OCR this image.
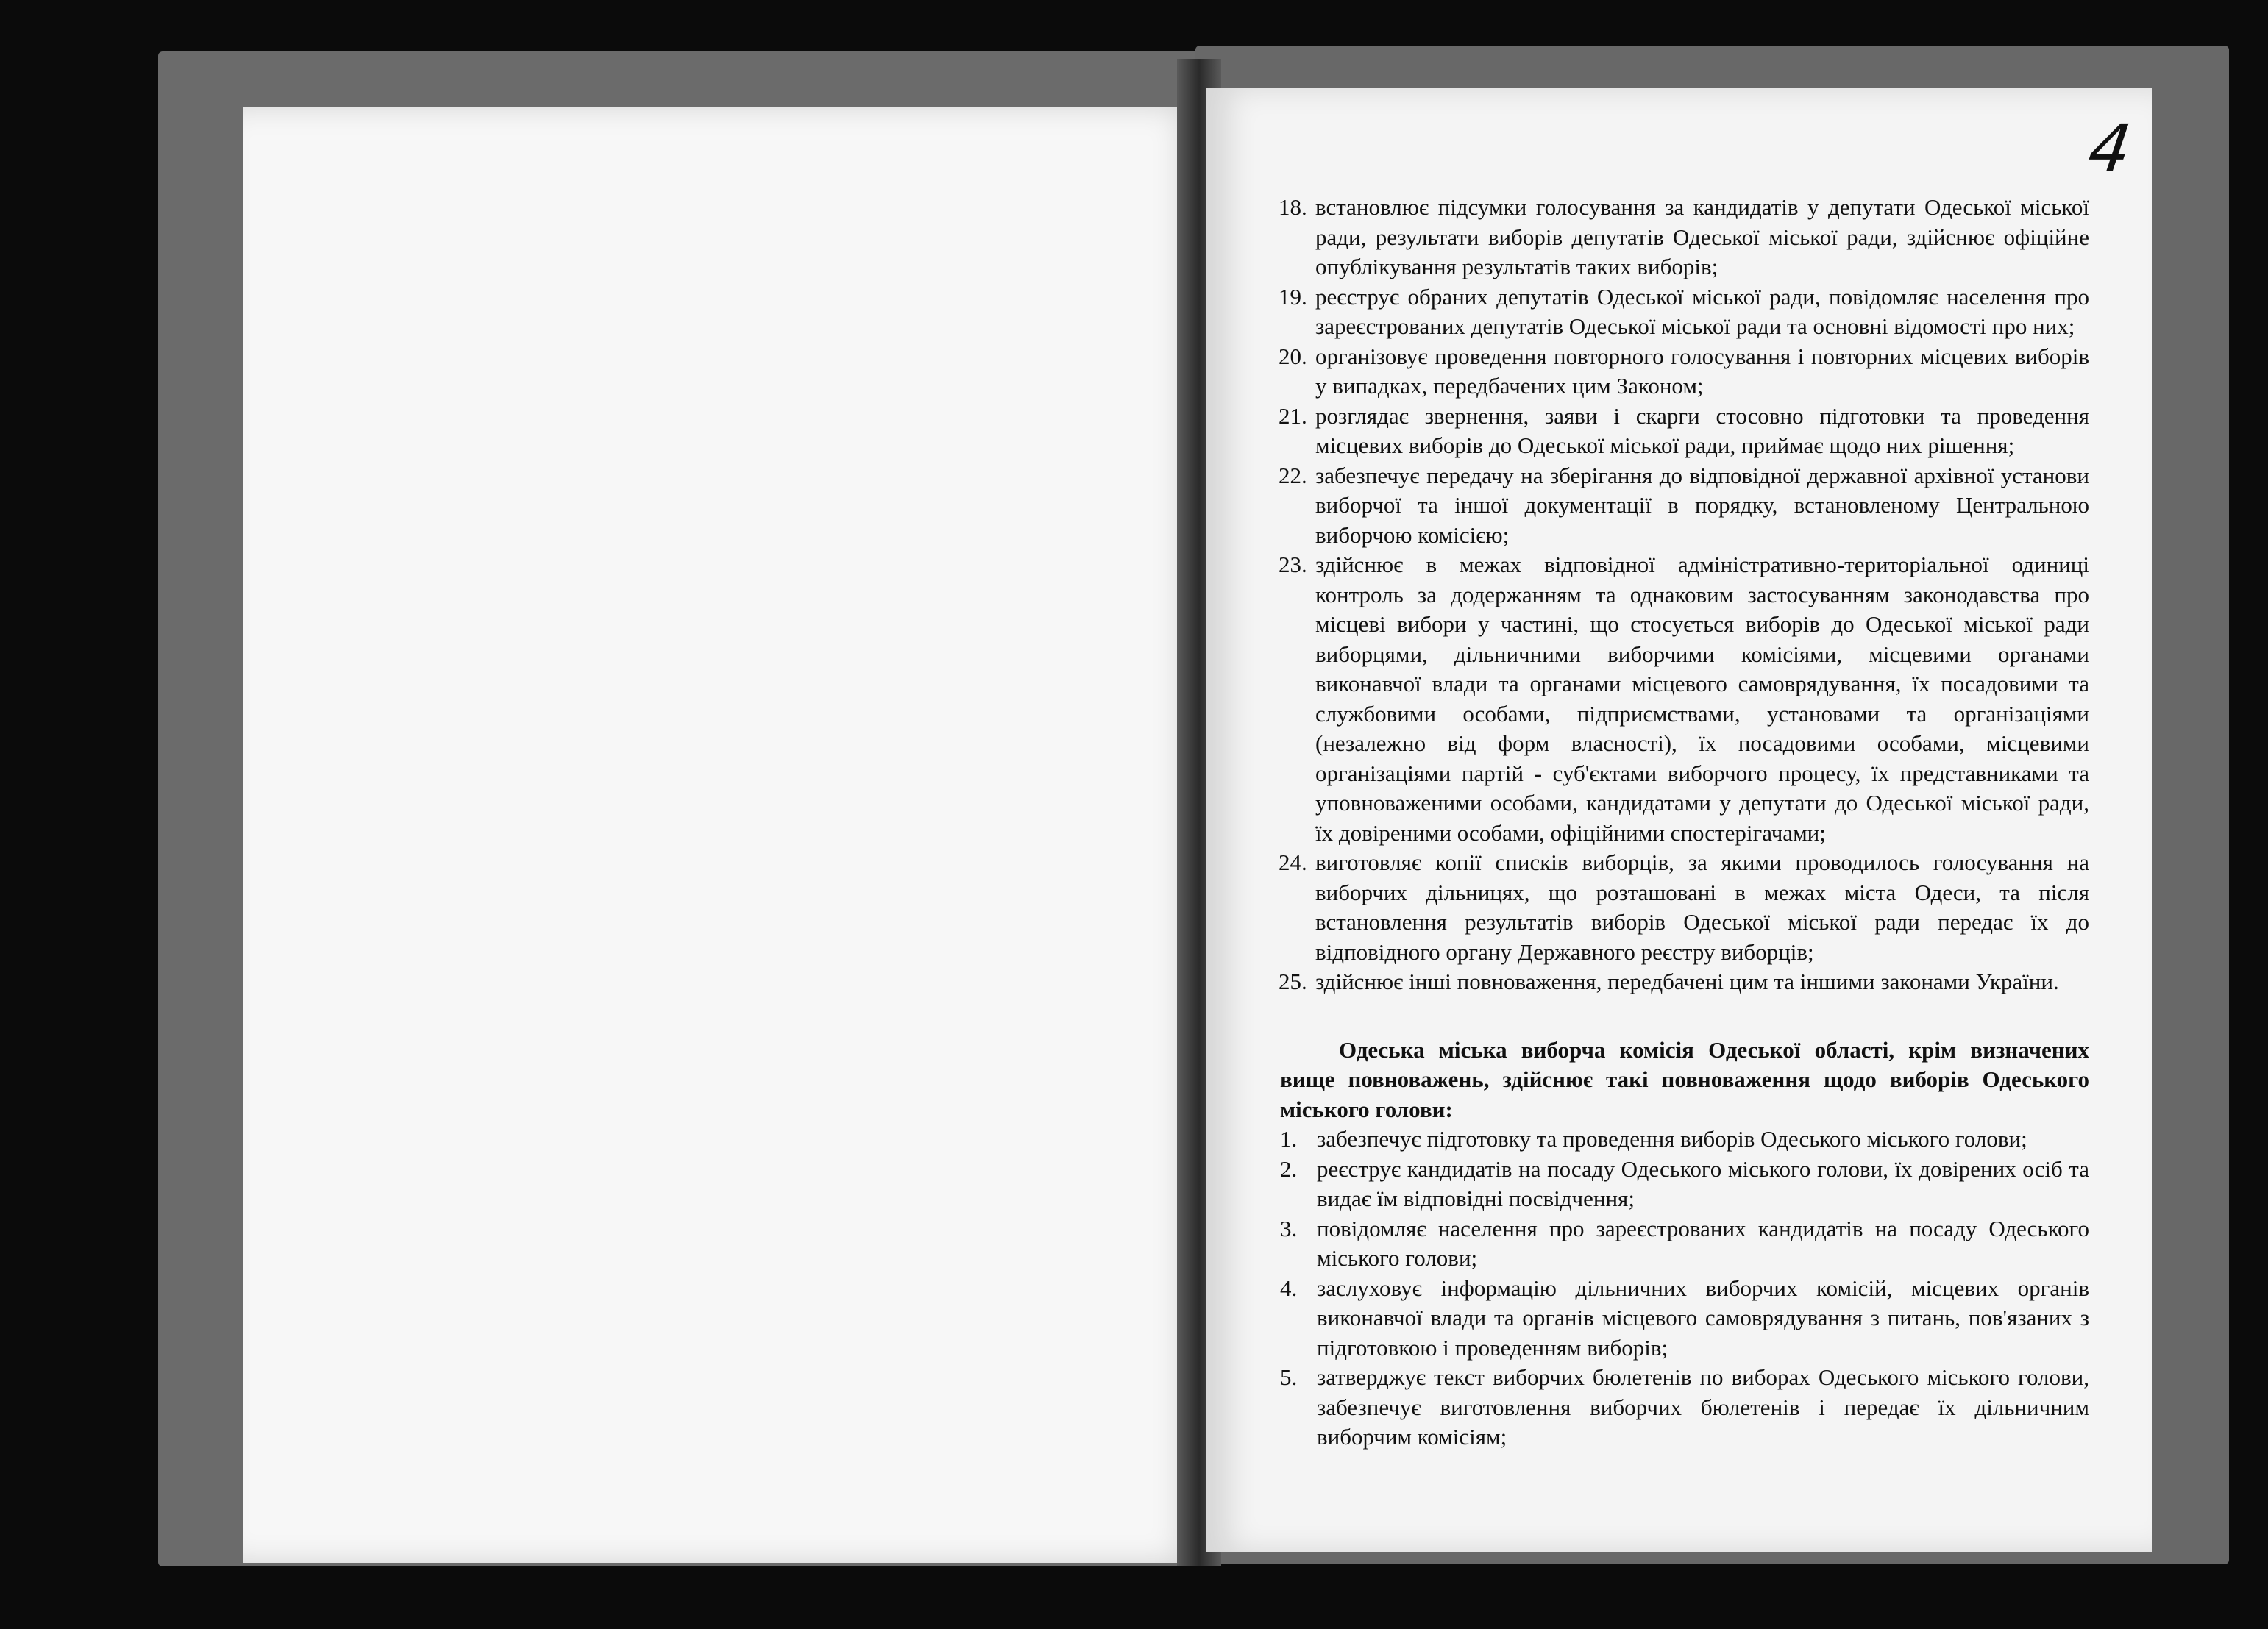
4
18. встановлює підсумки голосування за кандидатів у депутати Одеської міської ради, результати виборів депутатів Одеської міської ради, здійснює офіційне опублікування результатів таких виборів;
19. реєструє обраних депутатів Одеської міської ради, повідомляє населення про зареєстрованих депутатів Одеської міської ради та основні відомості про них;
20. організовує проведення повторного голосування і повторних місцевих виборів у випадках, передбачених цим Законом;
21. розглядає звернення, заяви і скарги стосовно підготовки та проведення місцевих виборів до Одеської міської ради, приймає щодо них рішення;
22. забезпечує передачу на зберігання до відповідної державної архівної установи виборчої та іншої документації в порядку, встановленому Центральною виборчою комісією;
23. здійснює в межах відповідної адміністративно-територіальної одиниці контроль за додержанням та однаковим застосуванням законодавства про місцеві вибори у частині, що стосується виборів до Одеської міської ради виборцями, дільничними виборчими комісіями, місцевими органами виконавчої влади та органами місцевого самоврядування, їх посадовими та службовими особами, підприємствами, установами та організаціями (незалежно від форм власності), їх посадовими особами, місцевими організаціями партій - суб'єктами виборчого процесу, їх представниками та уповноваженими особами, кандидатами у депутати до Одеської міської ради, їх довіреними особами, офіційними спостерігачами;
24. виготовляє копії списків виборців, за якими проводилось голосування на виборчих дільницях, що розташовані в межах міста Одеси, та після встановлення результатів виборів Одеської міської ради передає їх до відповідного органу Державного реєстру виборців;
25. здійснює інші повноваження, передбачені цим та іншими законами України.
Одеська міська виборча комісія Одеської області, крім визначених вище повноважень, здійснює такі повноваження щодо виборів Одеського міського голови:
1. забезпечує підготовку та проведення виборів Одеського міського голови;
2. реєструє кандидатів на посаду Одеського міського голови, їх довірених осіб та видає їм відповідні посвідчення;
3. повідомляє населення про зареєстрованих кандидатів на посаду Одеського міського голови;
4. заслуховує інформацію дільничних виборчих комісій, місцевих органів виконавчої влади та органів місцевого самоврядування з питань, пов'язаних з підготовкою і проведенням виборів;
5. затверджує текст виборчих бюлетенів по виборах Одеського міського голови, забезпечує виготовлення виборчих бюлетенів і передає їх дільничним виборчим комісіям;
